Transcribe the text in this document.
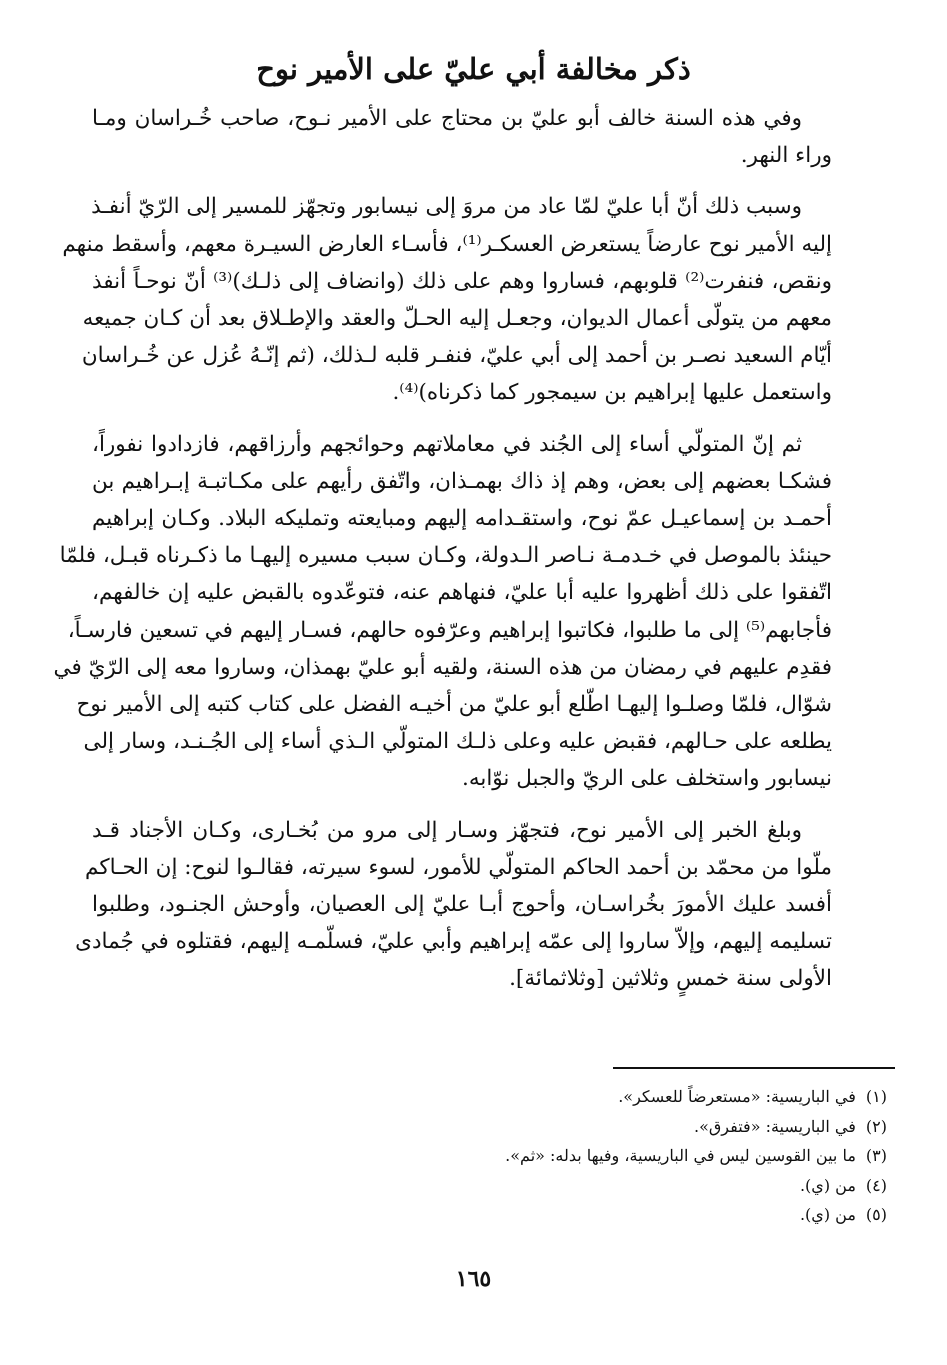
ذكر مخالفة أبي عليّ على الأمير نوح
وفي هذه السنة خالف أبو عليّ بن محتاج على الأمير نـوح، صاحب خُـراسان ومـا
وراء النهر.
وسبب ذلك أنّ أبا عليّ لمّا عاد من مروَ إلى نيسابور وتجهّز للمسير إلى الرّيّ أنفـذ
إليه الأمير نوح عارضاً يستعرض العسكـر⁽¹⁾، فأسـاء العارض السيـرة معهم، وأسقط منهم
ونقص، فنفرت⁽²⁾ قلوبهم، فساروا وهم على ذلك (وانضاف إلى ذلـك)⁽³⁾ أنّ نوحـاً أنفذ
معهم من يتولّى أعمال الديوان، وجعـل إليه الحـلّ والعقد والإطـلاق بعد أن كـان جميعه
أيّام السعيد نصـر بن أحمد إلى أبي عليّ، فنفـر قلبه لـذلك، (ثم إنّـهُ عُزل عن خُـراسان
واستعمل عليها إبراهيم بن سيمجور كما ذكرناه)⁽⁴⁾.
ثم إنّ المتولّي أساء إلى الجُند في معاملاتهم وحوائجهم وأرزاقهم، فازدادوا نفوراً،
فشكـا بعضهم إلى بعض، وهم إذ ذاك بهمـذان، واتّفق رأيهم على مكـاتبـة إبـراهيم بن
أحمـد بن إسماعيـل عمّ نوح، واستقـدامه إليهم ومبايعته وتمليكه البلاد. وكـان إبراهيم
حينئذ بالموصل في خـدمـة نـاصر الـدولة، وكـان سبب مسيره إليهـا ما ذكـرناه قبـل، فلمّا
اتّفقوا على ذلك أظهروا عليه أبا عليّ، فنهاهم عنه، فتوعّدوه بالقبض عليه إن خالفهم،
فأجابهم⁽⁵⁾ إلى ما طلبوا، فكاتبوا إبراهيم وعرّفوه حالهم، فسـار إليهم في تسعين فارسـاً،
فقدِم عليهم في رمضان من هذه السنة، ولقيه أبو عليّ بهمذان، وساروا معه إلى الرّيّ في
شوّال، فلمّا وصلـوا إليهـا اطّلع أبو عليّ من أخيـه الفضل على كتاب كتبه إلى الأمير نوح
يطلعه على حـالهم، فقبض عليه وعلى ذلـك المتولّي الـذي أساء إلى الجُـنـد، وسار إلى
نيسابور واستخلف على الريّ والجبل نوّابه.
وبلغ الخبر إلى الأمير نوح، فتجهّز وسـار إلى مرو من بُخـارى، وكـان الأجناد قـد
ملّوا من محمّد بن أحمد الحاكم المتولّي للأمور، لسوء سيرته، فقالـوا لنوح: إن الحـاكم
أفسد عليك الأمورَ بخُراسـان، وأحوج أبـا عليّ إلى العصيان، وأوحش الجنـود، وطلبوا
تسليمه إليهم، وإلاّ ساروا إلى عمّه إبراهيم وأبي عليّ، فسلّمـه إليهم، فقتلوه في جُمادى
الأولى سنة خمسٍ وثلاثين [وثلاثمائة].
(١)في الباريسية: «مستعرضاً للعسكر».
(٢)في الباريسية: «فتفرق».
(٣)ما بين القوسين ليس في الباريسية، وفيها بدله: «ثم».
(٤)من (ي).
(٥)من (ي).
١٦٥
